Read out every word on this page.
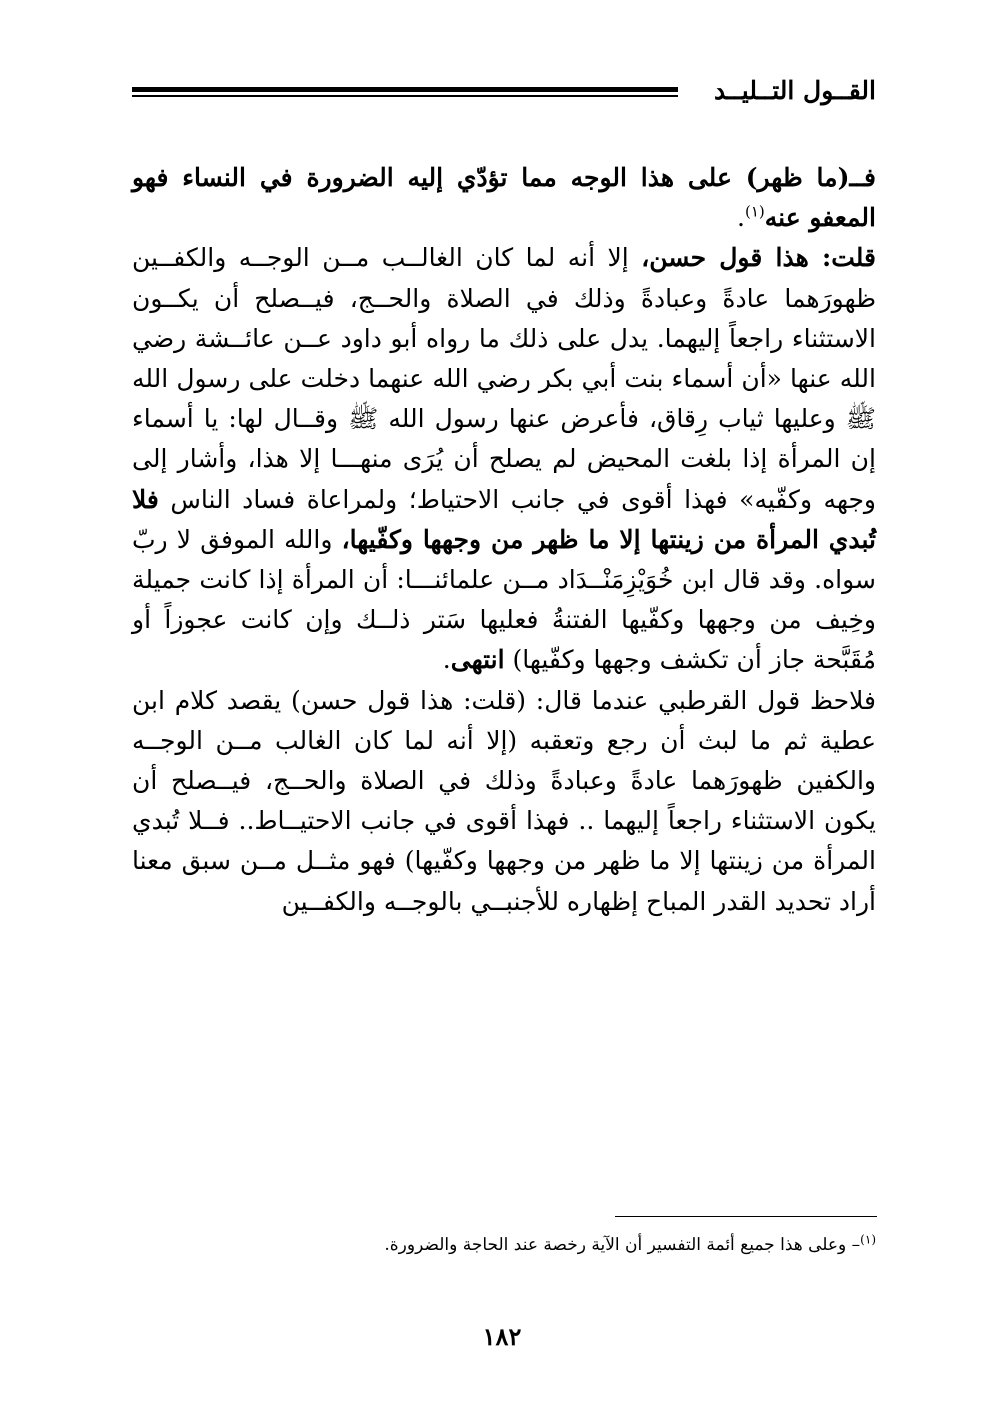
القــول التــليــد

فــ(ما ظهر) على هذا الوجه مما تؤدّي إليه الضرورة في النساء فهو المعفو عنه$^{(١)}$.

قلت: هذا قول حسن، إلا أنه لما كان الغالــب مــن الوجــه والكفــين ظهورَهما عادةً وعبادةً وذلك في الصلاة والحــج، فيــصلح أن يكــون الاستثناء راجعاً إليهما. يدل على ذلك ما رواه أبو داود عــن عائــشة رضي الله عنها «أن أسماء بنت أبي بكر رضي الله عنهما دخلت على رسول الله ﷺ وعليها ثياب رِقاق، فأعرض عنها رسول الله ﷺ وقــال لها: يا أسماء إن المرأة إذا بلغت المحيض لم يصلح أن يُرَى منهـــا إلا هذا، وأشار إلى وجهه وكفّيه» فهذا أقوى في جانب الاحتياط؛ ولمراعاة فساد الناس فلا تُبدي المرأة من زينتها إلا ما ظهر من وجهها وكفّيها، والله الموفق لا ربّ سواه. وقد قال ابن خُوَيْزِمَنْــدَاد مــن علمائنـــا: أن المرأة إذا كانت جميلة وخِيف من وجهها وكفّيها الفتنةُ فعليها سَتر ذلــك وإن كانت عجوزاً أو مُقَبَّحة جاز أن تكشف وجهها وكفّيها) انتهى.

فلاحظ قول القرطبي عندما قال: (قلت: هذا قول حسن) يقصد كلام ابن عطية ثم ما لبث أن رجع وتعقبه (إلا أنه لما كان الغالب مــن الوجــه والكفين ظهورَهما عادةً وعبادةً وذلك في الصلاة والحــج، فيــصلح أن يكون الاستثناء راجعاً إليهما .. فهذا أقوى في جانب الاحتيــاط.. فــلا تُبدي المرأة من زينتها إلا ما ظهر من وجهها وكفّيها) فهو مثــل مــن سبق معنا أراد تحديد القدر المباح إظهاره للأجنبــي بالوجــه والكفــين

$^{(١)}$– وعلى هذا جميع أئمة التفسير أن الآية رخصة عند الحاجة والضرورة.
١٨٢
